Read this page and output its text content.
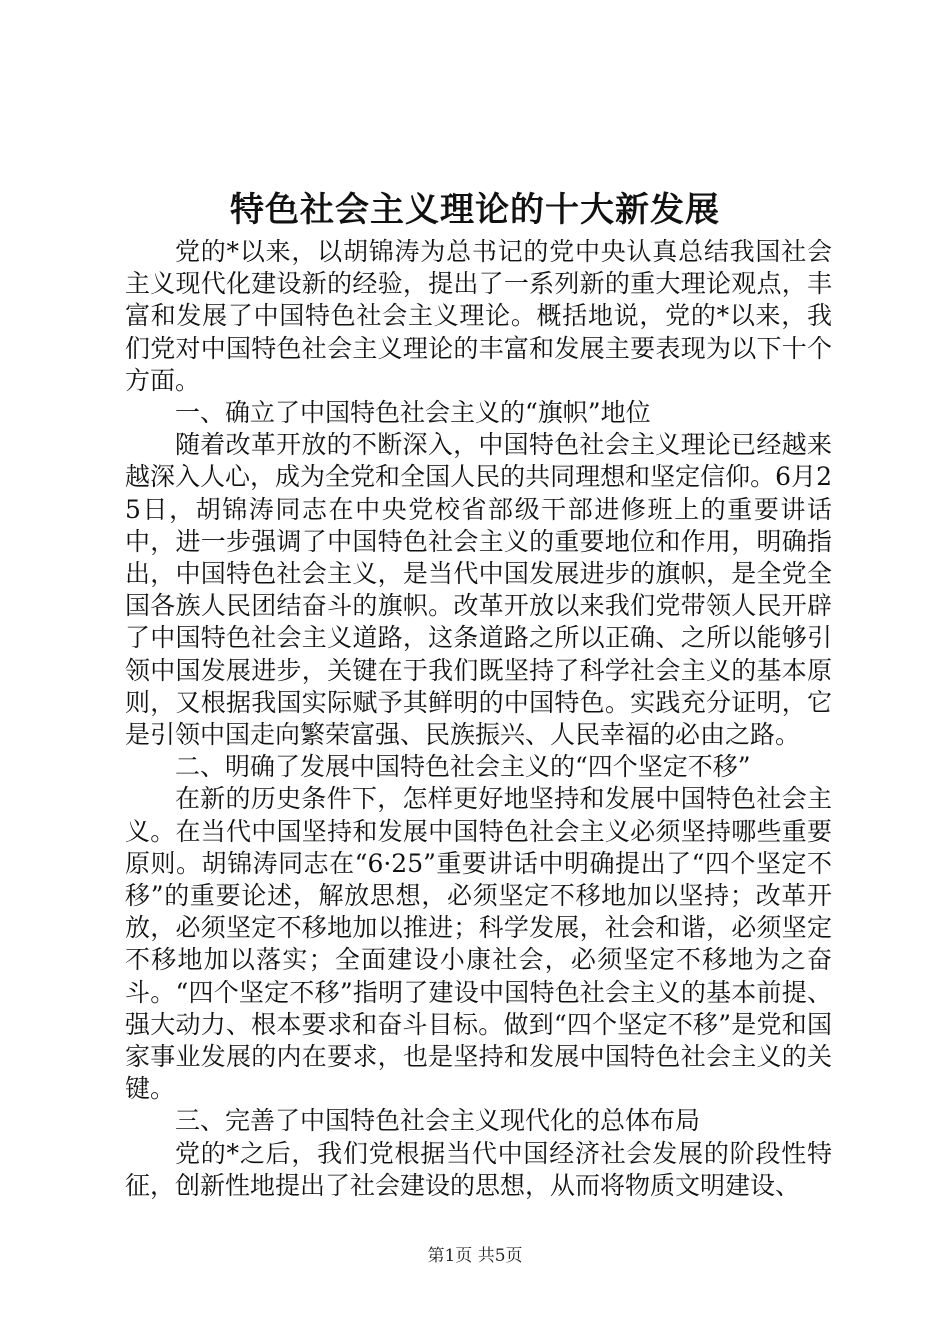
特色社会主义理论的十大新发展

党的*以来，以胡锦涛为总书记的党中央认真总结我国社会主义现代化建设新的经验，提出了一系列新的重大理论观点，丰富和发展了中国特色社会主义理论。概括地说，党的*以来，我们党对中国特色社会主义理论的丰富和发展主要表现为以下十个方面。

一、确立了中国特色社会主义的“旗帜”地位

随着改革开放的不断深入，中国特色社会主义理论已经越来越深入人心，成为全党和全国人民的共同理想和坚定信仰。6月25日，胡锦涛同志在中央党校省部级干部进修班上的重要讲话中，进一步强调了中国特色社会主义的重要地位和作用，明确指出，中国特色社会主义，是当代中国发展进步的旗帜，是全党全国各族人民团结奋斗的旗帜。改革开放以来我们党带领人民开辟了中国特色社会主义道路，这条道路之所以正确、之所以能够引领中国发展进步，关键在于我们既坚持了科学社会主义的基本原则，又根据我国实际赋予其鲜明的中国特色。实践充分证明，它是引领中国走向繁荣富强、民族振兴、人民幸福的必由之路。

二、明确了发展中国特色社会主义的“四个坚定不移”

在新的历史条件下，怎样更好地坚持和发展中国特色社会主义。在当代中国坚持和发展中国特色社会主义必须坚持哪些重要原则。胡锦涛同志在“6·25”重要讲话中明确提出了“四个坚定不移”的重要论述，解放思想，必须坚定不移地加以坚持；改革开放，必须坚定不移地加以推进；科学发展，社会和谐，必须坚定不移地加以落实；全面建设小康社会，必须坚定不移地为之奋斗。“四个坚定不移”指明了建设中国特色社会主义的基本前提、强大动力、根本要求和奋斗目标。做到“四个坚定不移”是党和国家事业发展的内在要求，也是坚持和发展中国特色社会主义的关键。

三、完善了中国特色社会主义现代化的总体布局

党的*之后，我们党根据当代中国经济社会发展的阶段性特征，创新性地提出了社会建设的思想，从而将物质文明建设、

第1页 共5页
